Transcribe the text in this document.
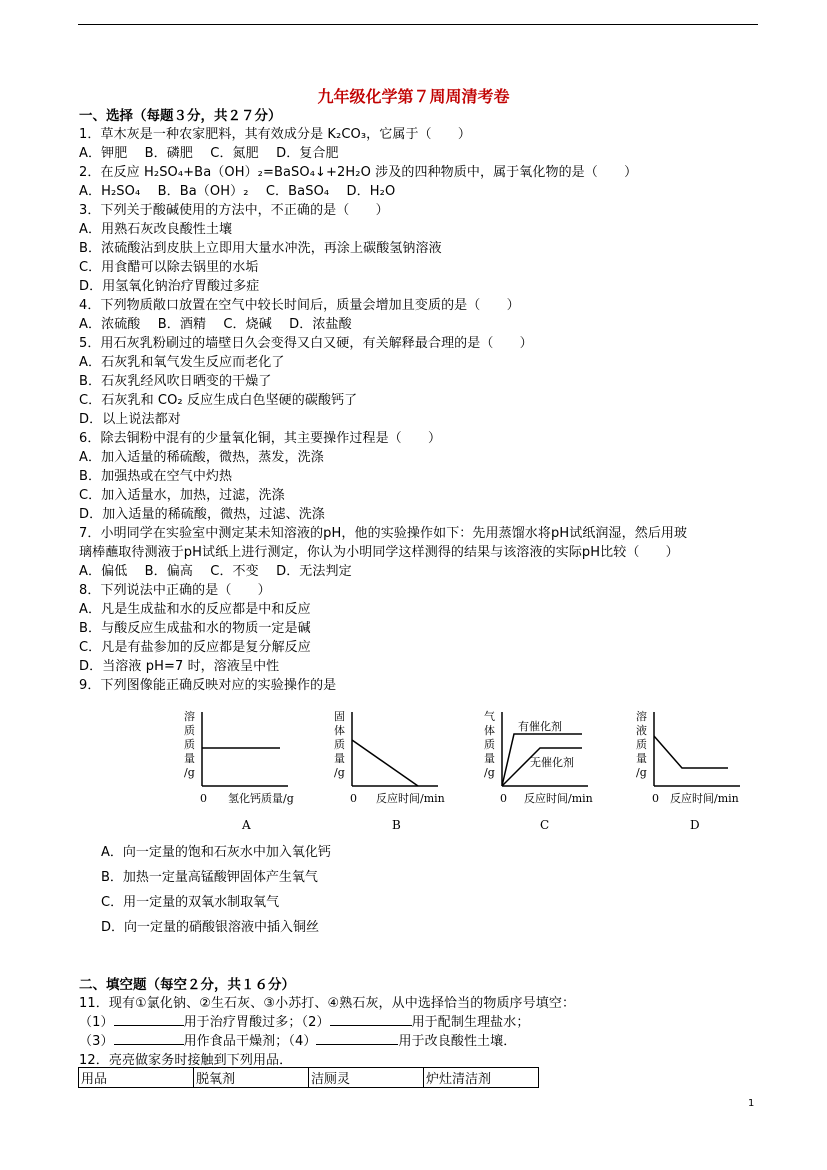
九年级化学第７周周清考卷
一、选择（每题３分，共２７分）
1．草木灰是一种农家肥料，其有效成分是 K₂CO₃，它属于（　　）
A．钾肥　 B．磷肥　 C．氮肥　 D．复合肥
2．在反应 H₂SO₄+Ba（OH）₂=BaSO₄↓+2H₂O 涉及的四种物质中，属于氧化物的是（　　）
A．H₂SO₄　 B．Ba（OH）₂　 C．BaSO₄　 D．H₂O
3．下列关于酸碱使用的方法中，不正确的是（　　）
A．用熟石灰改良酸性土壤
B．浓硫酸沾到皮肤上立即用大量水冲洗，再涂上碳酸氢钠溶液
C．用食醋可以除去锅里的水垢
D．用氢氧化钠治疗胃酸过多症
4．下列物质敞口放置在空气中较长时间后，质量会增加且变质的是（　　）
A．浓硫酸　 B．酒精　 C．烧碱　 D．浓盐酸
5．用石灰乳粉刷过的墙壁日久会变得又白又硬，有关解释最合理的是（　　）
A．石灰乳和氧气发生反应而老化了
B．石灰乳经风吹日晒变的干燥了
C．石灰乳和 CO₂ 反应生成白色坚硬的碳酸钙了
D．以上说法都对
6．除去铜粉中混有的少量氧化铜，其主要操作过程是（　　）
A．加入适量的稀硫酸，微热，蒸发，洗涤
B．加强热或在空气中灼热
C．加入适量水，加热，过滤，洗涤
D．加入适量的稀硫酸，微热，过滤、洗涤
7．小明同学在实验室中测定某未知溶液的pH，他的实验操作如下：先用蒸馏水将pH试纸润湿，然后用玻
璃棒蘸取待测液于pH试纸上进行测定，你认为小明同学这样测得的结果与该溶液的实际pH比较（　　）
A．偏低　 B．偏高　 C．不变　 D．无法判定
8．下列说法中正确的是（　　）
A．凡是生成盐和水的反应都是中和反应
B．与酸反应生成盐和水的物质一定是碱
C．凡是有盐参加的反应都是复分解反应
D．当溶液 pH=7 时，溶液呈中性
9．下列图像能正确反映对应的实验操作的是
溶
质
质
量
/g
0 氢化钙质量/g
A
固
体
质
量
/g
0 反应时间/min
B
气
体
质
量
/g
有催化剂
无催化剂
0 反应时间/min
C
溶
液
质
量
/g
0 反应时间/min
D
A．向一定量的饱和石灰水中加入氧化钙
B．加热一定量高锰酸钾固体产生氧气
C．用一定量的双氧水制取氧气
D．向一定量的硝酸银溶液中插入铜丝
二、填空题（每空２分，共１６分）
11．现有①氯化钠、②生石灰、③小苏打、④熟石灰，从中选择恰当的物质序号填空：
（1）	用于治疗胃酸过多；（2）	用于配制生理盐水；
（3）	用作食品干燥剂；（4）	用于改良酸性土壤．
12．亮亮做家务时接触到下列用品．
用品	脱氧剂	洁厕灵	炉灶清洁剂
1
